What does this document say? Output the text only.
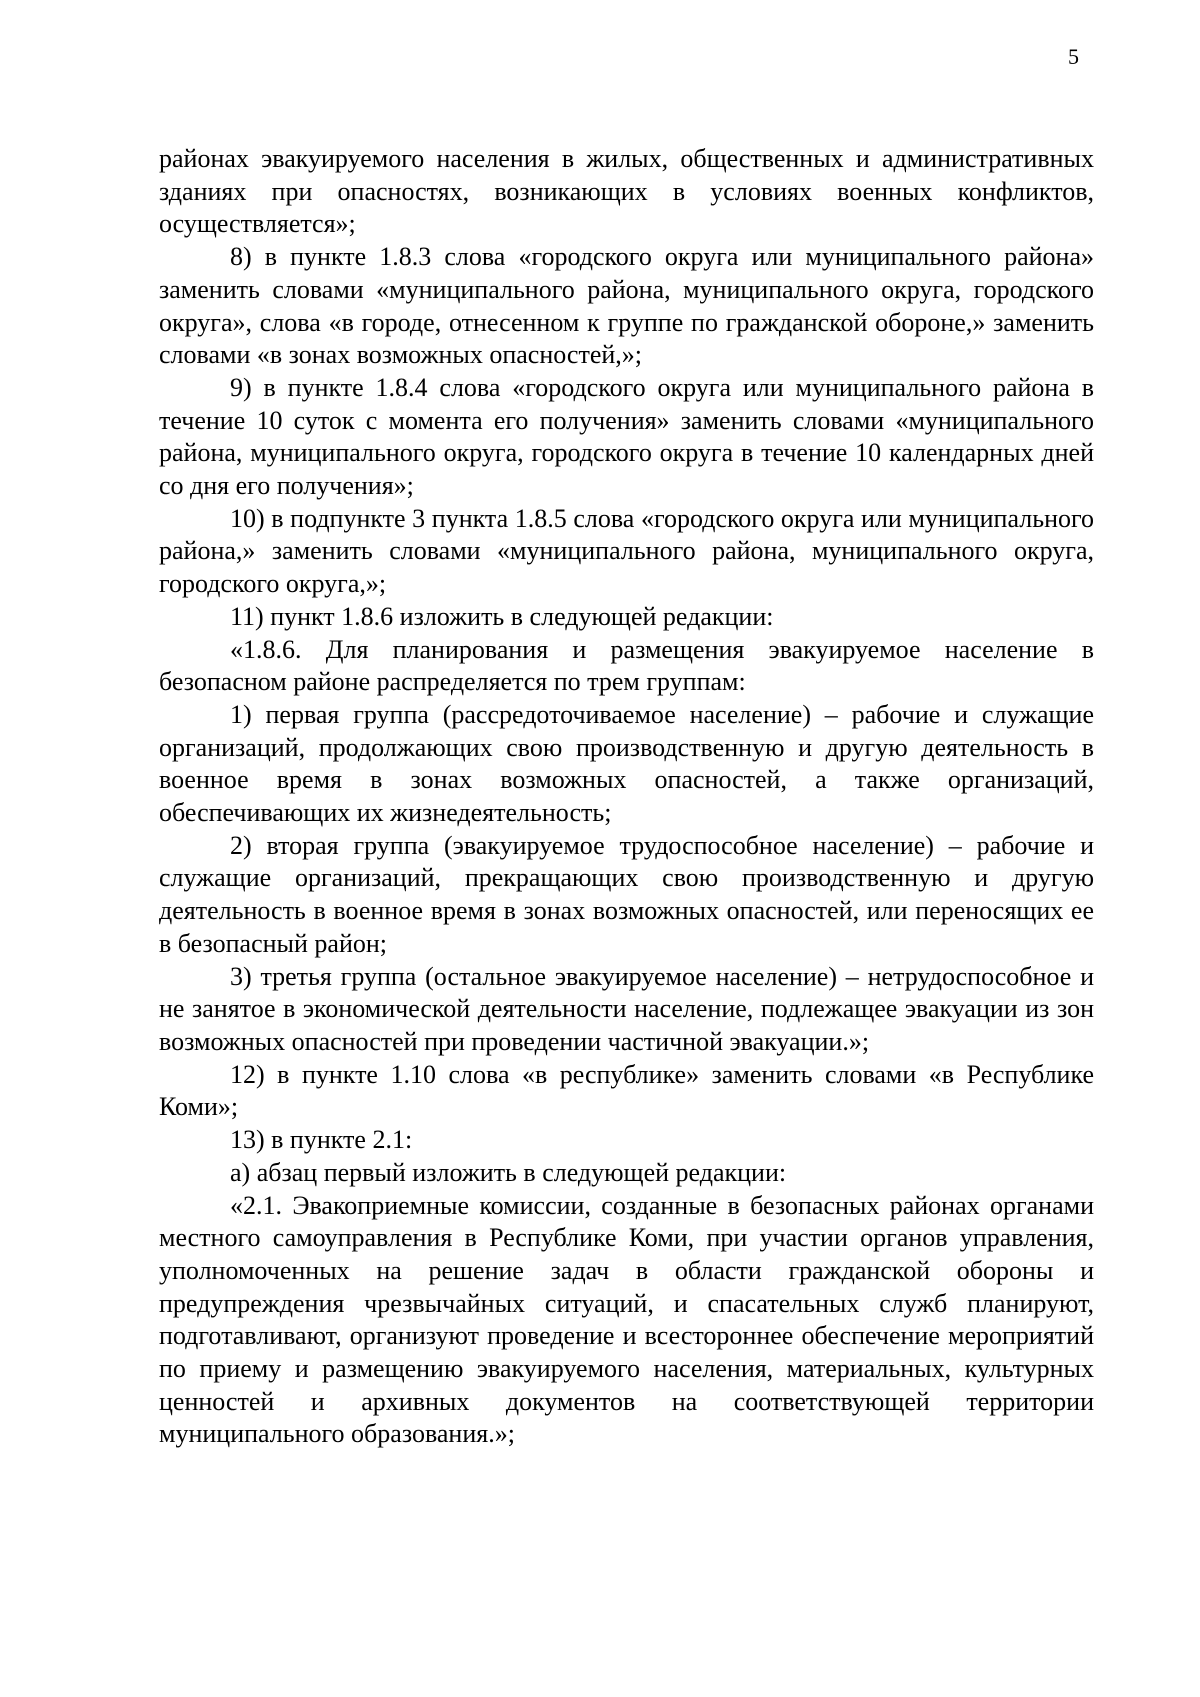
5

районах эвакуируемого населения в жилых, общественных и административных зданиях при опасностях, возникающих в условиях военных конфликтов, осуществляется»;

8) в пункте 1.8.3 слова «городского округа или муниципального района» заменить словами «муниципального района, муниципального округа, городского округа», слова «в городе, отнесенном к группе по гражданской обороне,» заменить словами «в зонах возможных опасностей,»;

9) в пункте 1.8.4 слова «городского округа или муниципального района в течение 10 суток с момента его получения» заменить словами «муниципального района, муниципального округа, городского округа в течение 10 календарных дней со дня его получения»;

10) в подпункте 3 пункта 1.8.5 слова «городского округа или муниципального района,» заменить словами «муниципального района, муниципального округа, городского округа,»;

11) пункт 1.8.6 изложить в следующей редакции:

«1.8.6. Для планирования и размещения эвакуируемое население в безопасном районе распределяется по трем группам:

1) первая группа (рассредоточиваемое население) – рабочие и служащие организаций, продолжающих свою производственную и другую деятельность в военное время в зонах возможных опасностей, а также организаций, обеспечивающих их жизнедеятельность;

2) вторая группа (эвакуируемое трудоспособное население) – рабочие и служащие организаций, прекращающих свою производственную и другую деятельность в военное время в зонах возможных опасностей, или переносящих ее в безопасный район;

3) третья группа (остальное эвакуируемое население) – нетрудоспособное и не занятое в экономической деятельности население, подлежащее эвакуации из зон возможных опасностей при проведении частичной эвакуации.»;

12) в пункте 1.10 слова «в республике» заменить словами «в Республике Коми»;

13) в пункте 2.1:

а) абзац первый изложить в следующей редакции:

«2.1. Эвакоприемные комиссии, созданные в безопасных районах органами местного самоуправления в Республике Коми, при участии органов управления, уполномоченных на решение задач в области гражданской обороны и предупреждения чрезвычайных ситуаций, и спасательных служб планируют, подготавливают, организуют проведение и всестороннее обеспечение мероприятий по приему и размещению эвакуируемого населения, материальных, культурных ценностей и архивных документов на соответствующей территории муниципального образования.»;
